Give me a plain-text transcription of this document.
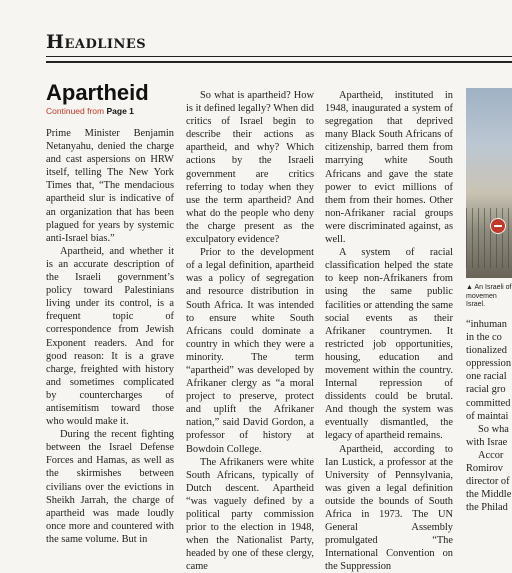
Headlines
Apartheid
Continued from Page 1

Prime Minister Benjamin Netanyahu, denied the charge and cast aspersions on HRW itself, telling The New York Times that, “The mendacious apartheid slur is indicative of an organization that has been plagued for years by systemic anti-Israel bias.”

Apartheid, and whether it is an accurate description of the Israeli government’s policy toward Palestinians living under its control, is a frequent topic of correspondence from Jewish Exponent readers. And for good reason: It is a grave charge, freighted with history and sometimes complicated by countercharges of antisemitism toward those who would make it.

During the recent fighting between the Israel Defense Forces and Hamas, as well as the skirmishes between civilians over the evictions in Sheikh Jarrah, the charge of apartheid was made loudly once more and countered with the same volume. But in

So what is apartheid? How is it defined legally? When did critics of Israel begin to describe their actions as apartheid, and why? Which actions by the Israeli government are critics referring to today when they use the term apartheid? And what do the people who deny the charge present as the exculpatory evidence?

Prior to the development of a legal definition, apartheid was a policy of segregation and resource distribution in South Africa. It was intended to ensure white South Africans could dominate a country in which they were a minority. The term “apartheid” was developed by Afrikaner clergy as “a moral project to preserve, protect and uplift the Afrikaner nation,” said David Gordon, a professor of history at Bowdoin College.

The Afrikaners were white South Africans, typically of Dutch descent. Apartheid “was vaguely defined by a political party commission prior to the election in 1948, when the Nationalist Party, headed by one of these clergy, came

Apartheid, instituted in 1948, inaugurated a system of segregation that deprived many Black South Africans of citizenship, barred them from marrying white South Africans and gave the state power to evict millions of them from their homes. Other non-Afrikaner racial groups were discriminated against, as well.

A system of racial classification helped the state to keep non-Afrikaners from using the same public facilities or attending the same social events as their Afrikaner countrymen. It restricted job opportunities, housing, education and movement within the country. Internal repression of dissidents could be brutal. And though the system was eventually dismantled, the legacy of apartheid remains.

Apartheid, according to Ian Lustick, a professor at the University of Pennsylvania, was given a legal definition outside the bounds of South Africa in 1973. The UN General Assembly promulgated “The International Convention on the Suppression

▲ An Israeli of movemen Israel.

“inhuman

in the co

tionalized

oppression

one racial

racial gro

committed

of maintai

So wha

with Israe

Accor

Romirov

director of

the Middle

the Philad
